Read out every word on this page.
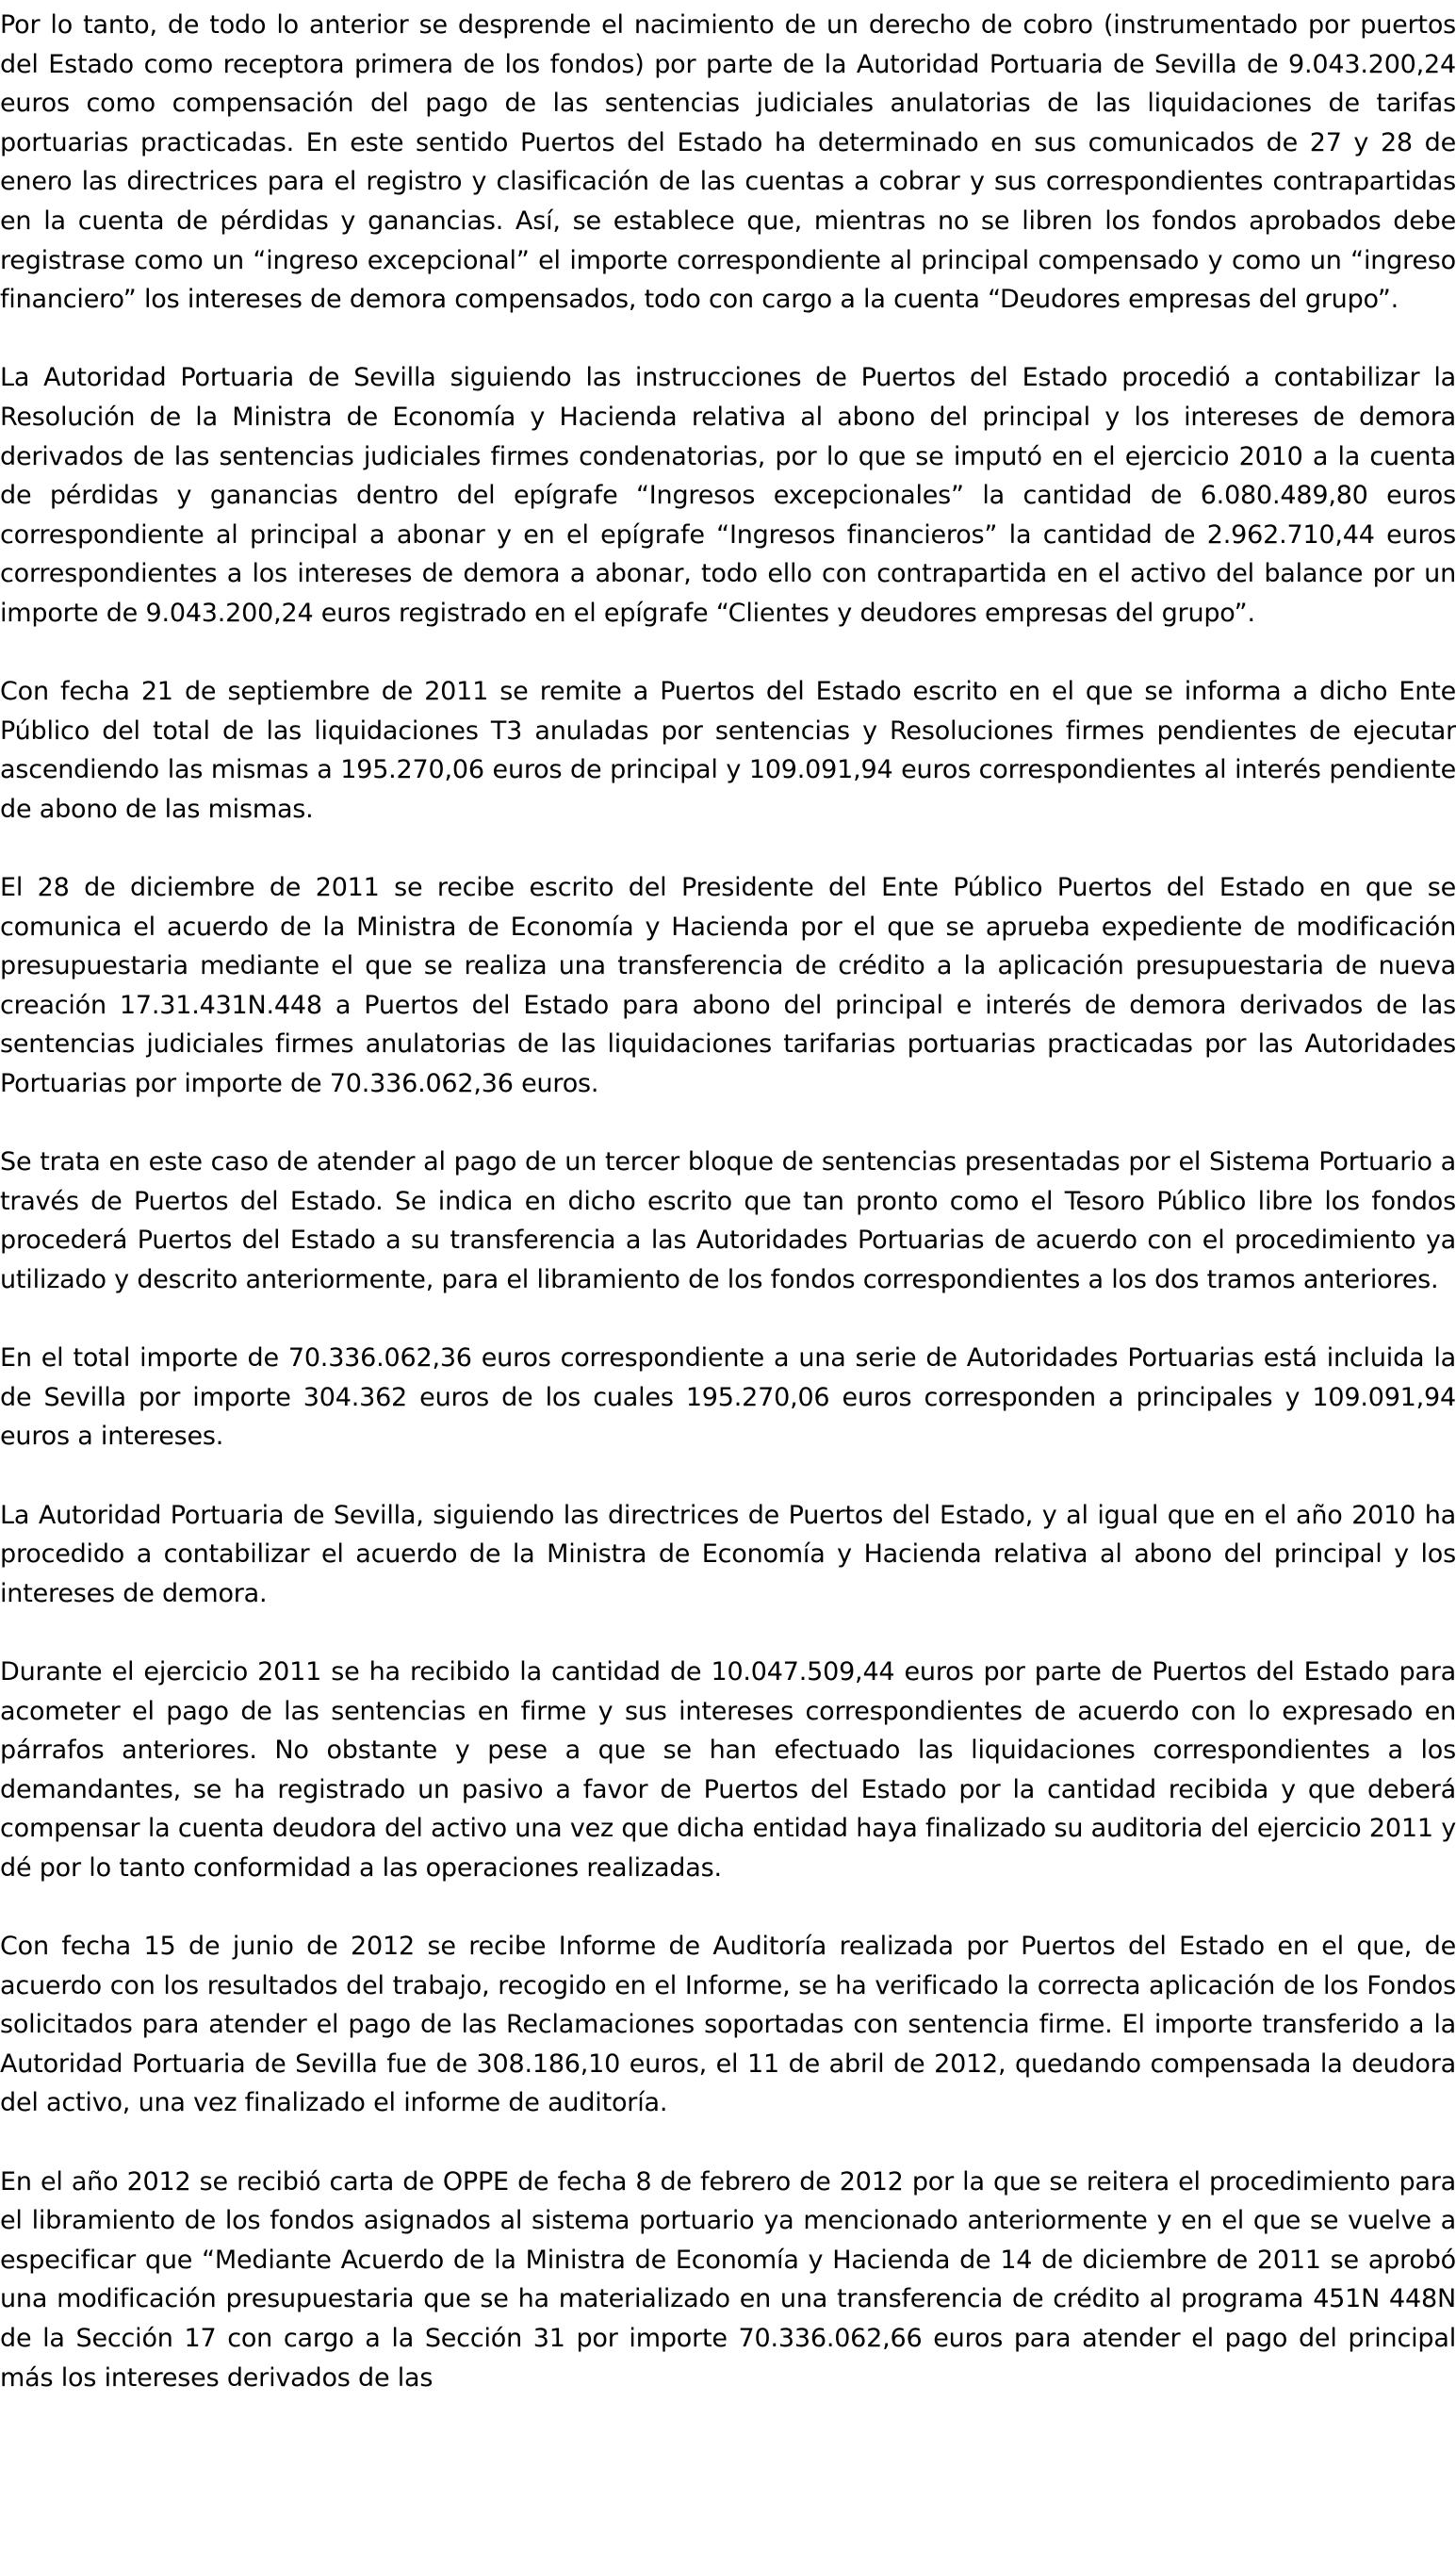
Por lo tanto, de todo lo anterior se desprende el nacimiento de un derecho de cobro (instrumentado por puertos del Estado como receptora primera de los fondos) por parte de la Autoridad Portuaria de Sevilla de 9.043.200,24 euros como compensación del pago de las sentencias judiciales anulatorias de las liquidaciones de tarifas portuarias practicadas. En este sentido Puertos del Estado ha determinado en sus comunicados de 27 y 28 de enero las directrices para el registro y clasificación de las cuentas a cobrar y sus correspondientes contrapartidas en la cuenta de pérdidas y ganancias. Así, se establece que, mientras no se libren los fondos aprobados debe registrase como un “ingreso excepcional” el importe correspondiente al principal compensado y como un “ingreso financiero” los intereses de demora compensados, todo con cargo a la cuenta “Deudores empresas del grupo”.

La Autoridad Portuaria de Sevilla siguiendo las instrucciones de Puertos del Estado procedió a contabilizar la Resolución de la Ministra de Economía y Hacienda relativa al abono del principal y los intereses de demora derivados de las sentencias judiciales firmes condenatorias, por lo que se imputó en el ejercicio 2010 a la cuenta de pérdidas y ganancias dentro del epígrafe “Ingresos excepcionales” la cantidad de 6.080.489,80 euros correspondiente al principal a abonar y en el epígrafe “Ingresos financieros” la cantidad de 2.962.710,44 euros correspondientes a los intereses de demora a abonar, todo ello con contrapartida en el activo del balance por un importe de 9.043.200,24 euros registrado en el epígrafe “Clientes y deudores empresas del grupo”.

Con fecha 21 de septiembre de 2011 se remite a Puertos del Estado escrito en el que se informa a dicho Ente Público del total de las liquidaciones T3 anuladas por sentencias y Resoluciones firmes pendientes de ejecutar ascendiendo las mismas a 195.270,06 euros de principal y 109.091,94 euros correspondientes al interés pendiente de abono de las mismas.

El 28 de diciembre de 2011 se recibe escrito del Presidente del Ente Público Puertos del Estado en que se comunica el acuerdo de la Ministra de Economía y Hacienda por el que se aprueba expediente de modificación presupuestaria mediante el que se realiza una transferencia de crédito a la aplicación presupuestaria de nueva creación 17.31.431N.448 a Puertos del Estado para abono del principal e interés de demora derivados de las sentencias judiciales firmes anulatorias de las liquidaciones tarifarias portuarias practicadas por las Autoridades Portuarias por importe de 70.336.062,36 euros.

Se trata en este caso de atender al pago de un tercer bloque de sentencias presentadas por el Sistema Portuario a través de Puertos del Estado. Se indica en dicho escrito que tan pronto como el Tesoro Público libre los fondos procederá Puertos del Estado a su transferencia a las Autoridades Portuarias de acuerdo con el procedimiento ya utilizado y descrito anteriormente, para el libramiento de los fondos correspondientes a los dos tramos anteriores.

En el total importe de 70.336.062,36 euros correspondiente a una serie de Autoridades Portuarias está incluida la de Sevilla por importe 304.362 euros de los cuales 195.270,06 euros corresponden a principales y 109.091,94 euros a intereses.

La Autoridad Portuaria de Sevilla, siguiendo las directrices de Puertos del Estado, y al igual que en el año 2010 ha procedido a contabilizar el acuerdo de la Ministra de Economía y Hacienda relativa al abono del principal y los intereses de demora.

Durante el ejercicio 2011 se ha recibido la cantidad de 10.047.509,44 euros por parte de Puertos del Estado para acometer el pago de las sentencias en firme y sus intereses correspondientes de acuerdo con lo expresado en párrafos anteriores. No obstante y pese a que se han efectuado las liquidaciones correspondientes a los demandantes, se ha registrado un pasivo a favor de Puertos del Estado por la cantidad recibida y que deberá compensar la cuenta deudora del activo una vez que dicha entidad haya finalizado su auditoria del ejercicio 2011 y dé por lo tanto conformidad a las operaciones realizadas.

Con fecha 15 de junio de 2012 se recibe Informe de Auditoría realizada por Puertos del Estado en el que, de acuerdo con los resultados del trabajo, recogido en el Informe, se ha verificado la correcta aplicación de los Fondos solicitados para atender el pago de las Reclamaciones soportadas con sentencia firme. El importe transferido a la Autoridad Portuaria de Sevilla fue de 308.186,10 euros, el 11 de abril de 2012, quedando compensada la deudora del activo, una vez finalizado el informe de auditoría.

En el año 2012 se recibió carta de OPPE de fecha 8 de febrero de 2012 por la que se reitera el procedimiento para el libramiento de los fondos asignados al sistema portuario ya mencionado anteriormente y en el que se vuelve a especificar que “Mediante Acuerdo de la Ministra de Economía y Hacienda de 14 de diciembre de 2011 se aprobó una modificación presupuestaria que se ha materializado en una transferencia de crédito al programa 451N 448N de la Sección 17 con cargo a la Sección 31 por importe 70.336.062,66 euros para atender el pago del principal más los intereses derivados de las
